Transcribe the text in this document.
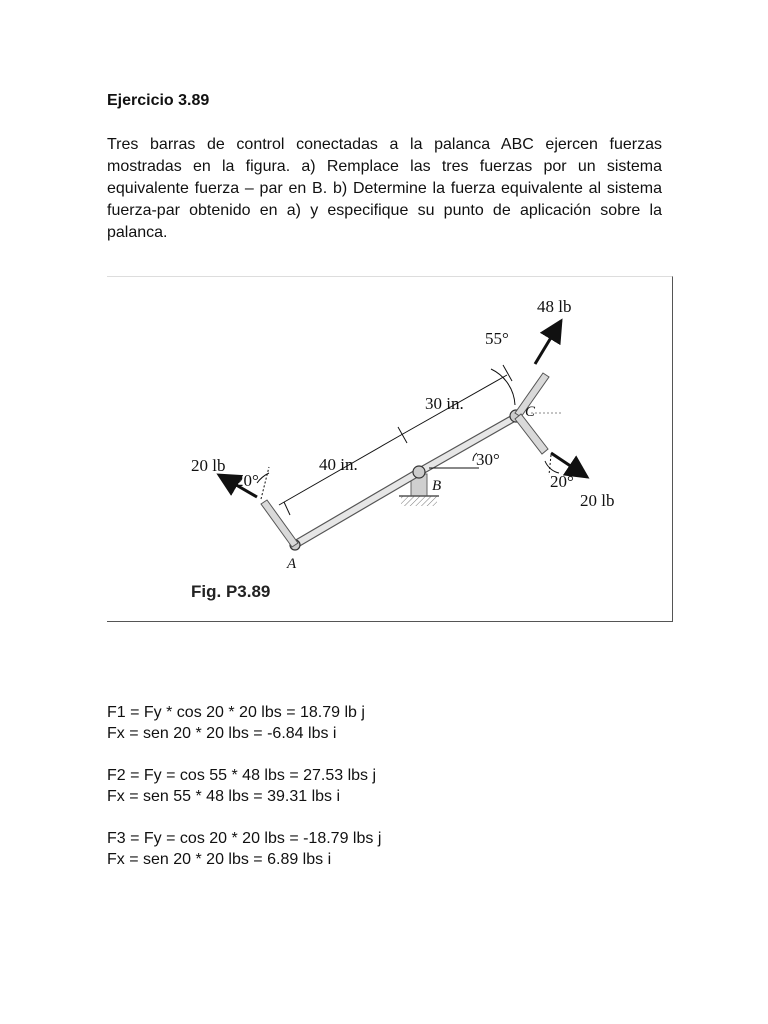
Ejercicio 3.89

Tres barras de control conectadas a la palanca ABC ejercen fuerzas mostradas en la figura. a) Remplace las tres fuerzas por un sistema equivalente fuerza – par en B. b) Determine la fuerza equivalente al sistema fuerza-par obtenido en a) y especifique su punto de aplicación sobre la palanca.

20 lb
20°
40 in.
A
B
30°
30 in.	C
48 lb
55°
20°
20 lb
Fig. P3.89
F1 = Fy * cos 20 * 20 lbs = 18.79 lb j
Fx = sen 20 * 20 lbs = -6.84 lbs i
F2 = Fy = cos 55 * 48 lbs = 27.53 lbs j
Fx = sen 55 * 48 lbs = 39.31 lbs i
F3 = Fy = cos 20 * 20 lbs = -18.79 lbs j
Fx = sen 20 * 20 lbs = 6.89 lbs i
